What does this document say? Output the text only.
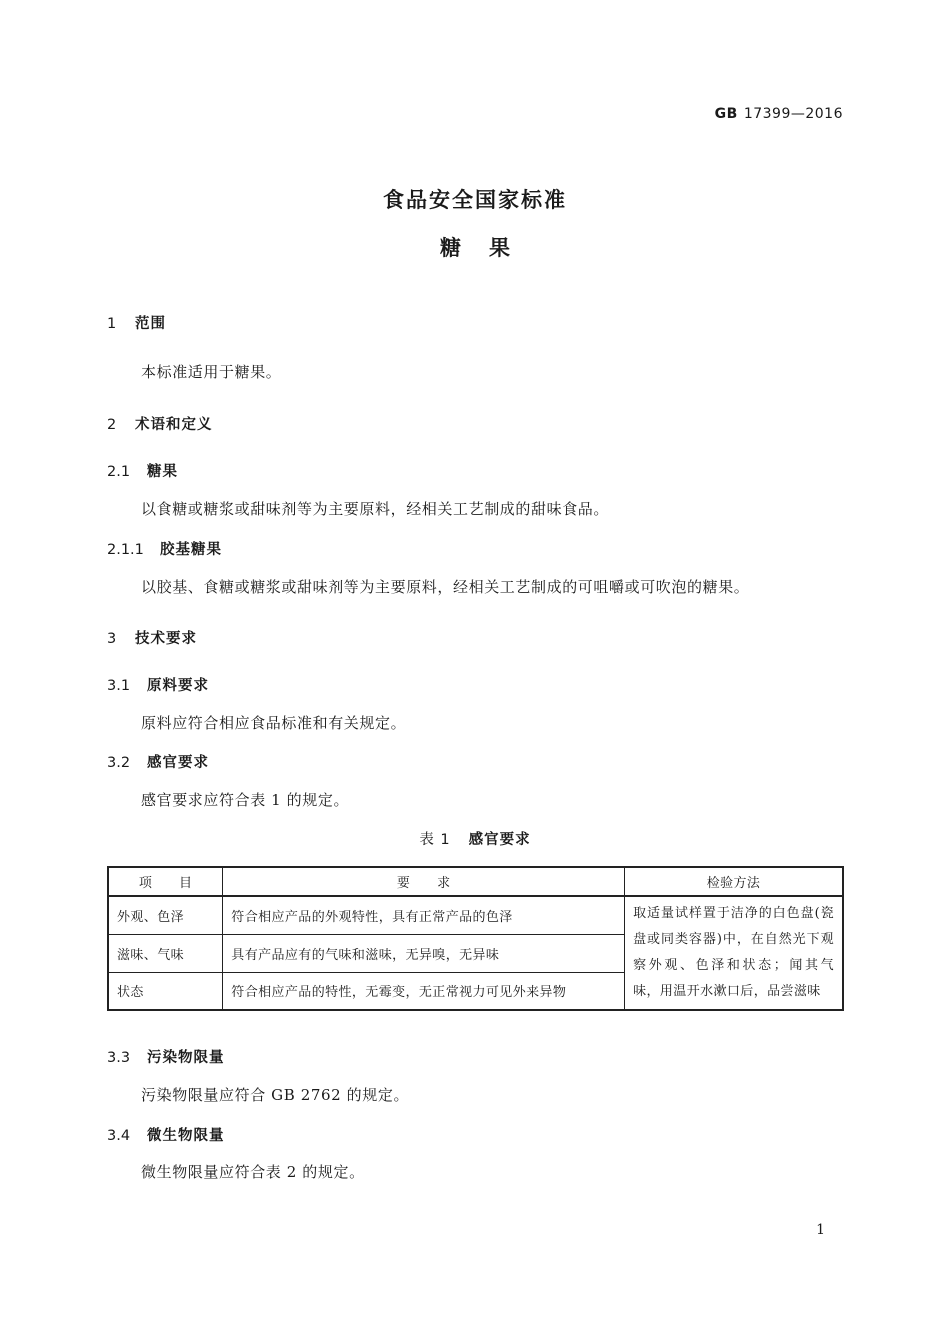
GB 17399—2016
食品安全国家标准
糖果
1 范围
本标准适用于糖果。
2 术语和定义
2.1 糖果
以食糖或糖浆或甜味剂等为主要原料，经相关工艺制成的甜味食品。
2.1.1 胶基糖果
以胶基、食糖或糖浆或甜味剂等为主要原料，经相关工艺制成的可咀嚼或可吹泡的糖果。
3 技术要求
3.1 原料要求
原料应符合相应食品标准和有关规定。
3.2 感官要求
感官要求应符合表 1 的规定。
表 1 感官要求
项　　目	要　　求	检验方法
外观、色泽	符合相应产品的外观特性，具有正常产品的色泽	取适量试样置于洁净的白色盘(瓷盘或同类容器)中，在自然光下观察外观、色泽和状态；闻其气味，用温开水漱口后，品尝滋味
滋味、气味	具有产品应有的气味和滋味，无异嗅，无异味	
状态	符合相应产品的特性，无霉变，无正常视力可见外来异物	
3.3 污染物限量
污染物限量应符合 GB 2762 的规定。
3.4 微生物限量
微生物限量应符合表 2 的规定。
1
